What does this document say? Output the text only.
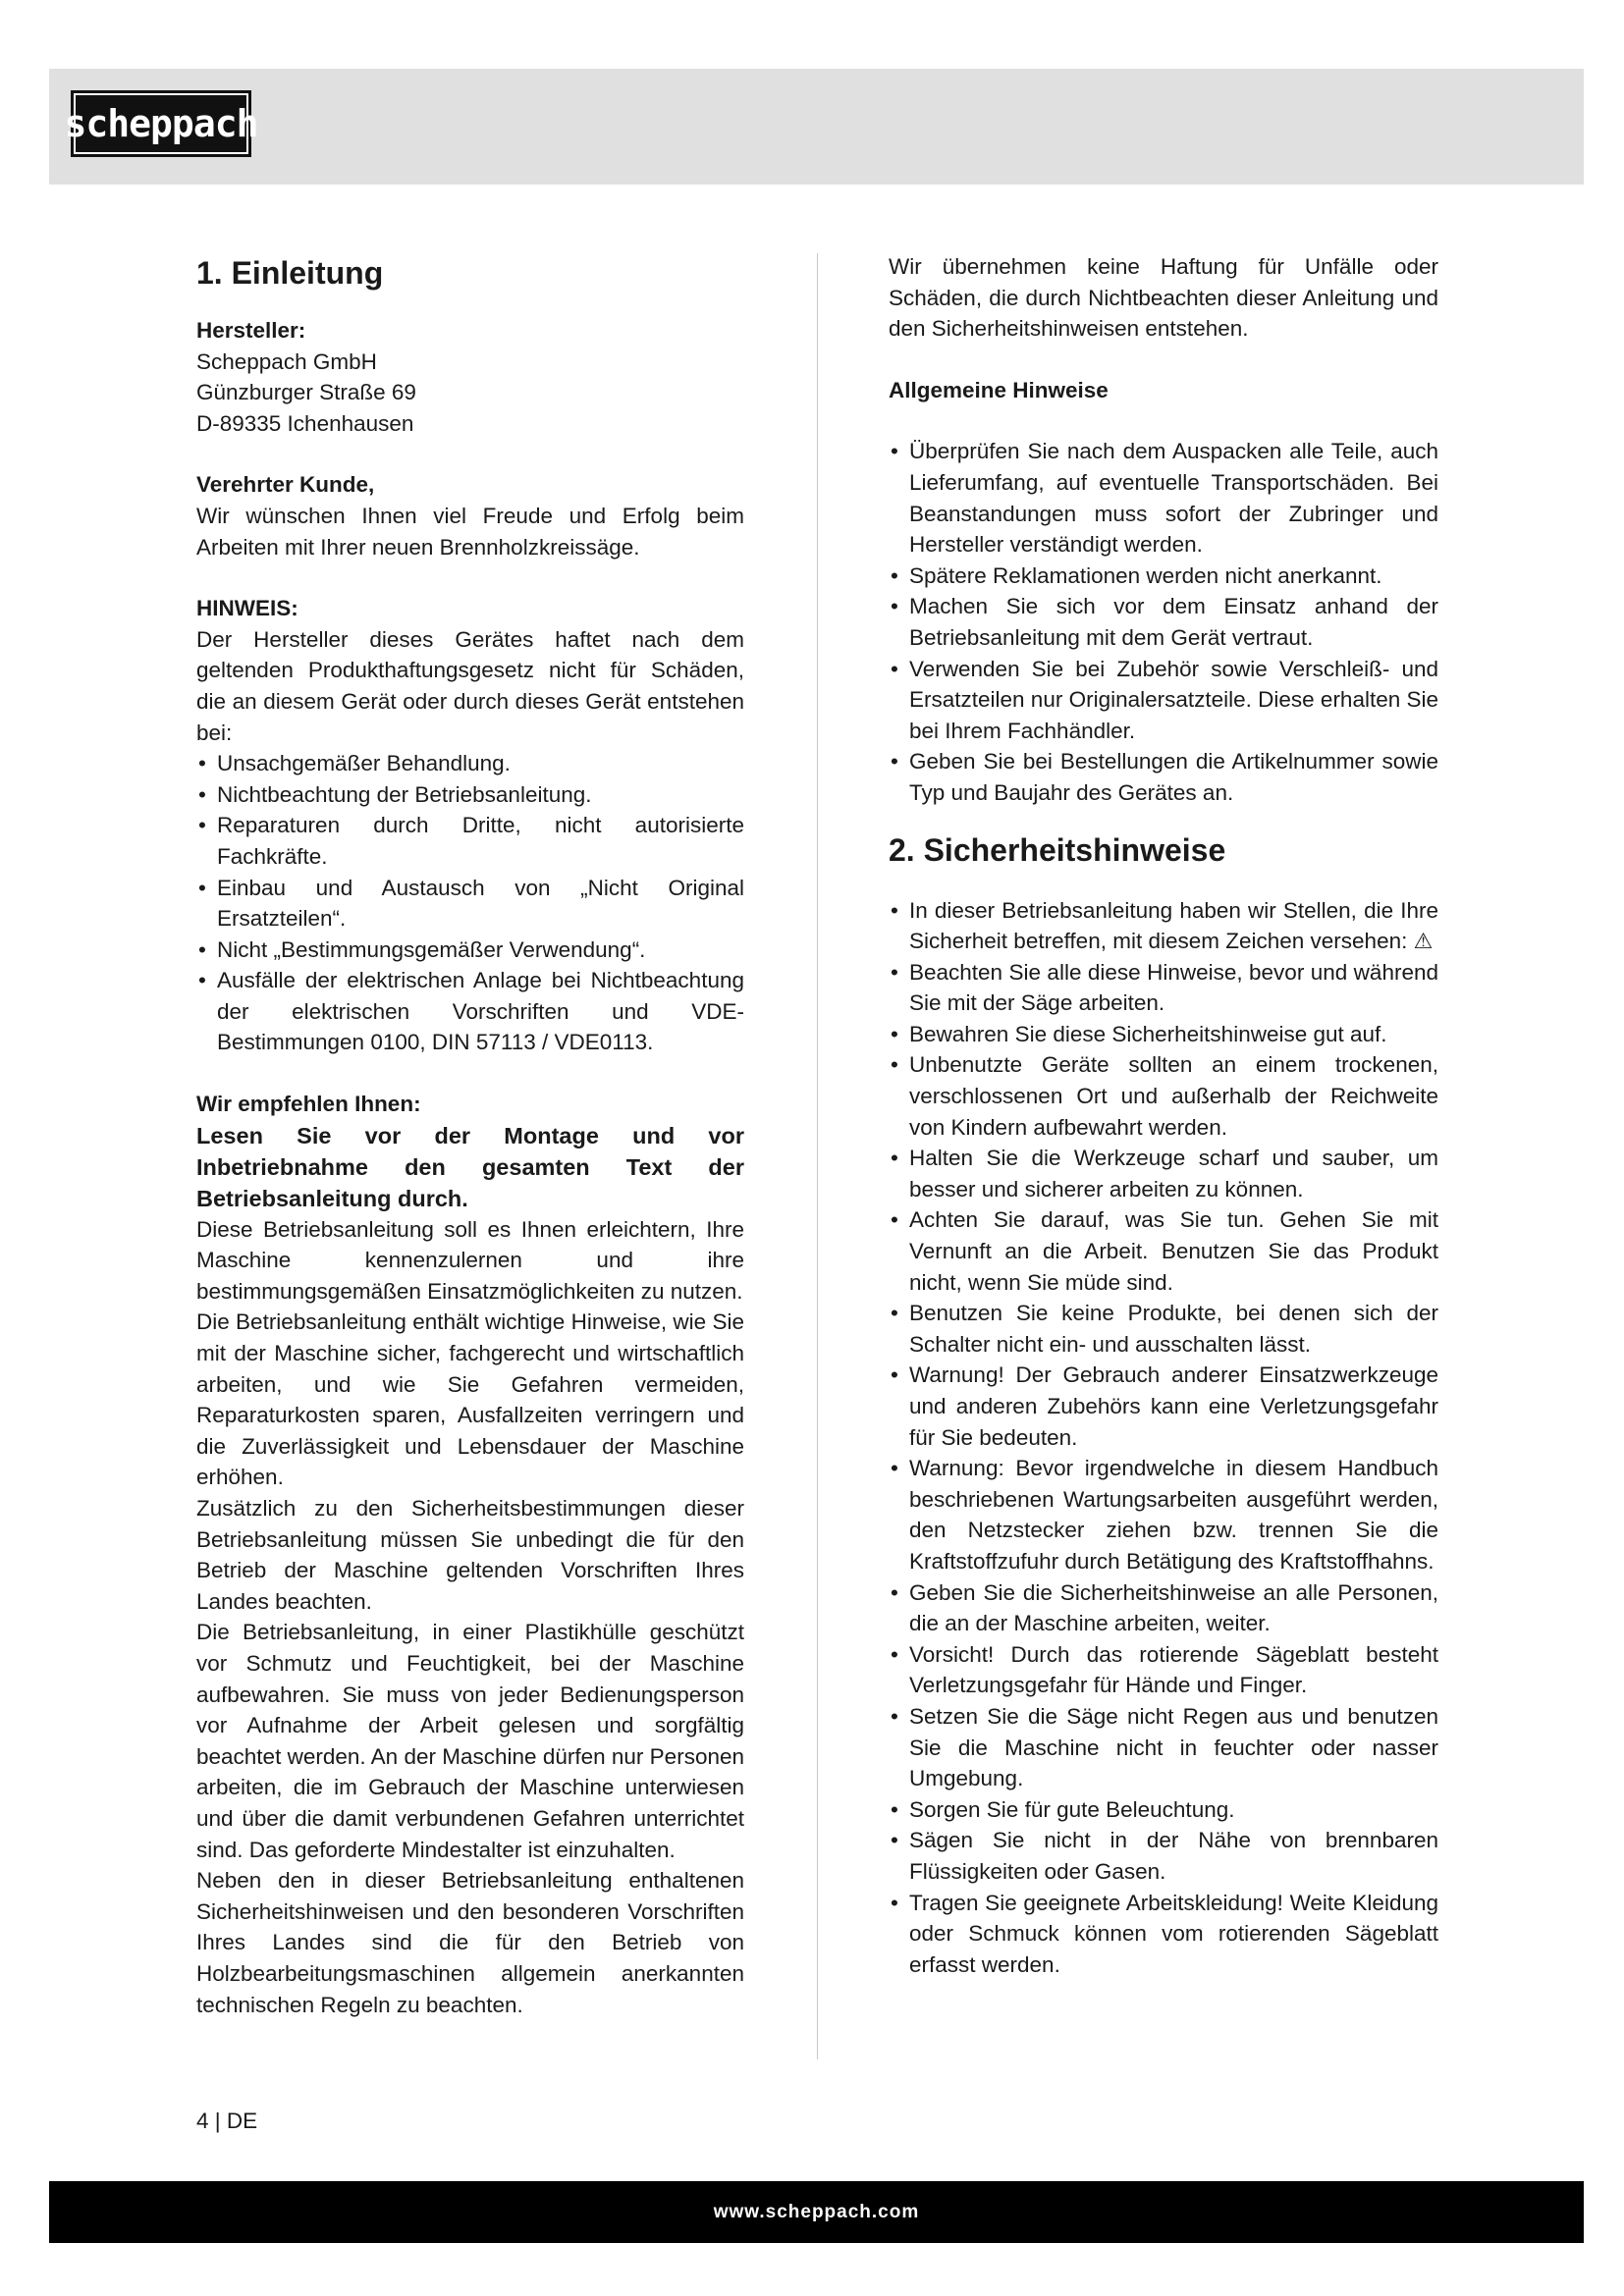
scheppach
1. Einleitung

Hersteller:

Scheppach GmbH
Günzburger Straße 69
D-89335 Ichenhausen

Verehrter Kunde,

Wir wünschen Ihnen viel Freude und Erfolg beim Arbeiten mit Ihrer neuen Brennholzkreissäge.

HINWEIS:

Der Hersteller dieses Gerätes haftet nach dem geltenden Produkthaftungsgesetz nicht für Schäden, die an diesem Gerät oder durch dieses Gerät entstehen bei:

• Unsachgemäßer Behandlung.
• Nichtbeachtung der Betriebsanleitung.
• Reparaturen durch Dritte, nicht autorisierte Fachkräfte.
• Einbau und Austausch von „Nicht Original Ersatzteilen“.
• Nicht „Bestimmungsgemäßer Verwendung“.
• Ausfälle der elektrischen Anlage bei Nichtbeachtung der elektrischen Vorschriften und VDE-Bestimmungen 0100, DIN 57113 / VDE0113.

Wir empfehlen Ihnen:

Lesen Sie vor der Montage und vor Inbetriebnahme den gesamten Text der Betriebsanleitung durch.

Diese Betriebsanleitung soll es Ihnen erleichtern, Ihre Maschine kennenzulernen und ihre bestimmungsgemäßen Einsatzmöglichkeiten zu nutzen.

Die Betriebsanleitung enthält wichtige Hinweise, wie Sie mit der Maschine sicher, fachgerecht und wirtschaftlich arbeiten, und wie Sie Gefahren vermeiden, Reparaturkosten sparen, Ausfallzeiten verringern und die Zuverlässigkeit und Lebensdauer der Maschine erhöhen.

Zusätzlich zu den Sicherheitsbestimmungen dieser Betriebsanleitung müssen Sie unbedingt die für den Betrieb der Maschine geltenden Vorschriften Ihres Landes beachten.

Die Betriebsanleitung, in einer Plastikhülle geschützt vor Schmutz und Feuchtigkeit, bei der Maschine aufbewahren. Sie muss von jeder Bedienungsperson vor Aufnahme der Arbeit gelesen und sorgfältig beachtet werden. An der Maschine dürfen nur Personen arbeiten, die im Gebrauch der Maschine unterwiesen und über die damit verbundenen Gefahren unterrichtet sind. Das geforderte Mindestalter ist einzuhalten.

Neben den in dieser Betriebsanleitung enthaltenen Sicherheitshinweisen und den besonderen Vorschriften Ihres Landes sind die für den Betrieb von Holzbearbeitungsmaschinen allgemein anerkannten technischen Regeln zu beachten.

Wir übernehmen keine Haftung für Unfälle oder Schäden, die durch Nichtbeachten dieser Anleitung und den Sicherheitshinweisen entstehen.

Allgemeine Hinweise

• Überprüfen Sie nach dem Auspacken alle Teile, auch Lieferumfang, auf eventuelle Transportschäden. Bei Beanstandungen muss sofort der Zubringer und Hersteller verständigt werden.
• Spätere Reklamationen werden nicht anerkannt.
• Machen Sie sich vor dem Einsatz anhand der Betriebsanleitung mit dem Gerät vertraut.
• Verwenden Sie bei Zubehör sowie Verschleiß- und Ersatzteilen nur Originalersatzteile. Diese erhalten Sie bei Ihrem Fachhändler.
• Geben Sie bei Bestellungen die Artikelnummer sowie Typ und Baujahr des Gerätes an.
2. Sicherheitshinweise
• In dieser Betriebsanleitung haben wir Stellen, die Ihre Sicherheit betreffen, mit diesem Zeichen versehen: ⚠
• Beachten Sie alle diese Hinweise, bevor und während Sie mit der Säge arbeiten.
• Bewahren Sie diese Sicherheitshinweise gut auf.
• Unbenutzte Geräte sollten an einem trockenen, verschlossenen Ort und außerhalb der Reichweite von Kindern aufbewahrt werden.
• Halten Sie die Werkzeuge scharf und sauber, um besser und sicherer arbeiten zu können.
• Achten Sie darauf, was Sie tun. Gehen Sie mit Vernunft an die Arbeit. Benutzen Sie das Produkt nicht, wenn Sie müde sind.
• Benutzen Sie keine Produkte, bei denen sich der Schalter nicht ein- und ausschalten lässt.
• Warnung! Der Gebrauch anderer Einsatzwerkzeuge und anderen Zubehörs kann eine Verletzungsgefahr für Sie bedeuten.
• Warnung: Bevor irgendwelche in diesem Handbuch beschriebenen Wartungsarbeiten ausgeführt werden, den Netzstecker ziehen bzw. trennen Sie die Kraftstoffzufuhr durch Betätigung des Kraftstoffhahns.
• Geben Sie die Sicherheitshinweise an alle Personen, die an der Maschine arbeiten, weiter.
• Vorsicht! Durch das rotierende Sägeblatt besteht Verletzungsgefahr für Hände und Finger.
• Setzen Sie die Säge nicht Regen aus und benutzen Sie die Maschine nicht in feuchter oder nasser Umgebung.
• Sorgen Sie für gute Beleuchtung.
• Sägen Sie nicht in der Nähe von brennbaren Flüssigkeiten oder Gasen.
• Tragen Sie geeignete Arbeitskleidung! Weite Kleidung oder Schmuck können vom rotierenden Sägeblatt erfasst werden.
4 | DE
www.scheppach.com
